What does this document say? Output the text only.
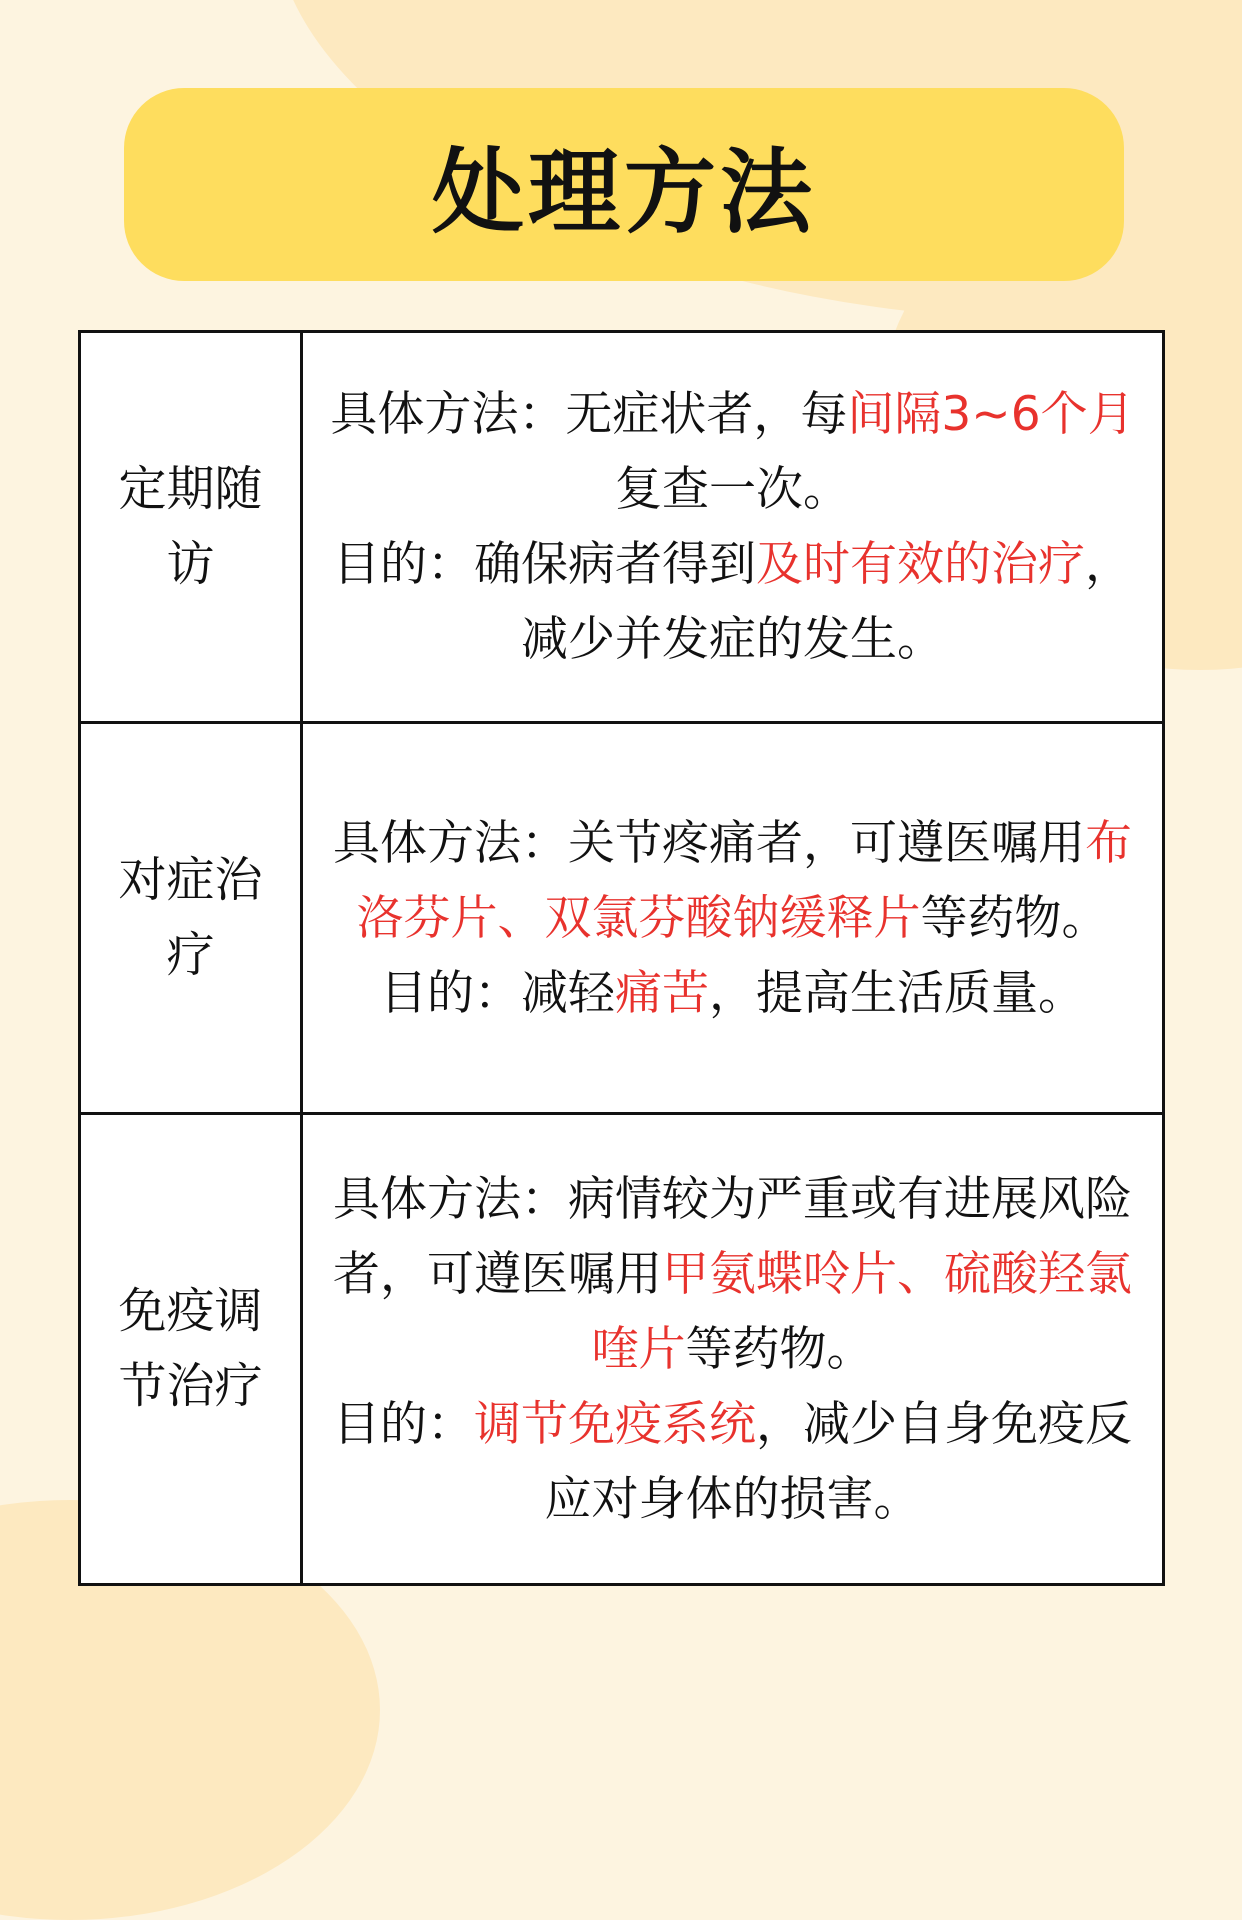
处理方法
定期随访	具体方法：无症状者，每间隔3~6个月复查一次。

目的：确保病者得到及时有效的治疗，减少并发症的发生。

对症治疗	具体方法：关节疼痛者，可遵医嘱用布洛芬片、双氯芬酸钠缓释片等药物。

目的：减轻痛苦，提高生活质量。

免疫调节治疗	具体方法：病情较为严重或有进展风险者，可遵医嘱用甲氨蝶呤片、硫酸羟氯喹片等药物。

目的：调节免疫系统，减少自身免疫反应对身体的损害。
